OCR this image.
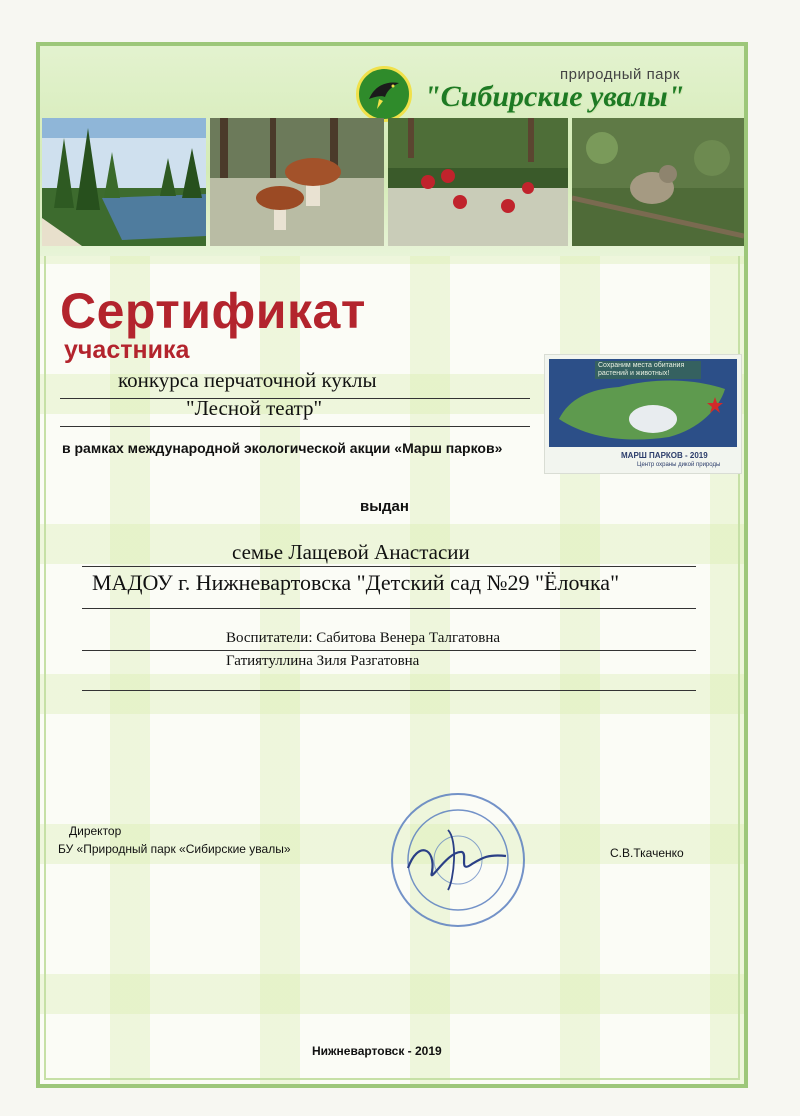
природный парк
"Сибирские увалы"
Сертификат
участника
конкурса перчаточной куклы
"Лесной театр"
в рамках международной экологической акции «Марш парков»
Сохраним места обитания растений и животных!
МАРШ ПАРКОВ - 2019
Центр охраны дикой природы
выдан
семье Лащевой Анастасии
МАДОУ г. Нижневартовска "Детский сад №29 "Ёлочка"
Воспитатели: Сабитова Венера Талгатовна
Гатиятуллина Зиля Разгатовна
Директор
БУ «Природный парк «Сибирские увалы»	С.В.Ткаченко
Нижневартовск - 2019
